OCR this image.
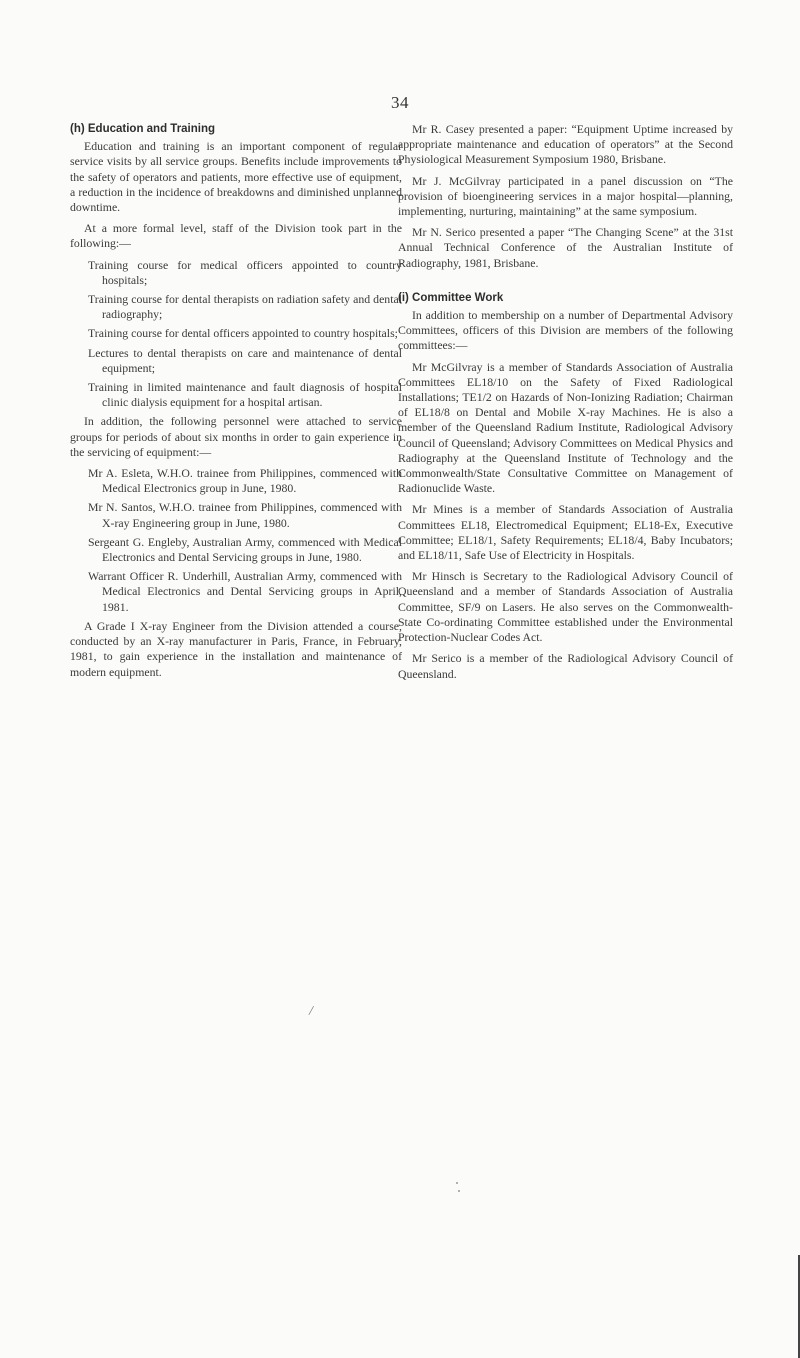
34
(h) Education and Training

Education and training is an important component of regular service visits by all service groups. Benefits include improvements to the safety of operators and patients, more effective use of equipment, a reduction in the incidence of breakdowns and diminished unplanned downtime.

At a more formal level, staff of the Division took part in the following:—

Training course for medical officers appointed to country hospitals;

Training course for dental therapists on radiation safety and dental radiography;

Training course for dental officers appointed to country hospitals;

Lectures to dental therapists on care and maintenance of dental equipment;

Training in limited maintenance and fault diagnosis of hospital clinic dialysis equipment for a hospital artisan.

In addition, the following personnel were attached to service groups for periods of about six months in order to gain experience in the servicing of equipment:—

Mr A. Esleta, W.H.O. trainee from Philippines, commenced with Medical Electronics group in June, 1980.

Mr N. Santos, W.H.O. trainee from Philippines, commenced with X-ray Engineering group in June, 1980.

Sergeant G. Engleby, Australian Army, commenced with Medical Electronics and Dental Servicing groups in June, 1980.

Warrant Officer R. Underhill, Australian Army, commenced with Medical Electronics and Dental Servicing groups in April, 1981.

A Grade I X-ray Engineer from the Division attended a course, conducted by an X-ray manufacturer in Paris, France, in February, 1981, to gain experience in the installation and maintenance of modern equipment.

Mr R. Casey presented a paper: “Equipment Uptime increased by appropriate maintenance and education of operators” at the Second Physiological Measurement Symposium 1980, Brisbane.

Mr J. McGilvray participated in a panel discussion on “The provision of bioengineering services in a major hospital—planning, implementing, nurturing, maintaining” at the same symposium.

Mr N. Serico presented a paper “The Changing Scene” at the 31st Annual Technical Conference of the Australian Institute of Radiography, 1981, Brisbane.

(i) Committee Work

In addition to membership on a number of Departmental Advisory Committees, officers of this Division are members of the following committees:—

Mr McGilvray is a member of Standards Association of Australia Committees EL18/10 on the Safety of Fixed Radiological Installations; TE1/2 on Hazards of Non-Ionizing Radiation; Chairman of EL18/8 on Dental and Mobile X-ray Machines. He is also a member of the Queensland Radium Institute, Radiological Advisory Council of Queensland; Advisory Committees on Medical Physics and Radiography at the Queensland Institute of Technology and the Commonwealth/State Consultative Committee on Management of Radionuclide Waste.

Mr Mines is a member of Standards Association of Australia Committees EL18, Electromedical Equipment; EL18-Ex, Executive Committee; EL18/1, Safety Requirements; EL18/4, Baby Incubators; and EL18/11, Safe Use of Electricity in Hospitals.

Mr Hinsch is Secretary to the Radiological Advisory Council of Queensland and a member of Standards Association of Australia Committee, SF/9 on Lasers. He also serves on the Commonwealth-State Co-ordinating Committee established under the Environmental Protection-Nuclear Codes Act.

Mr Serico is a member of the Radiological Advisory Council of Queensland.

/
